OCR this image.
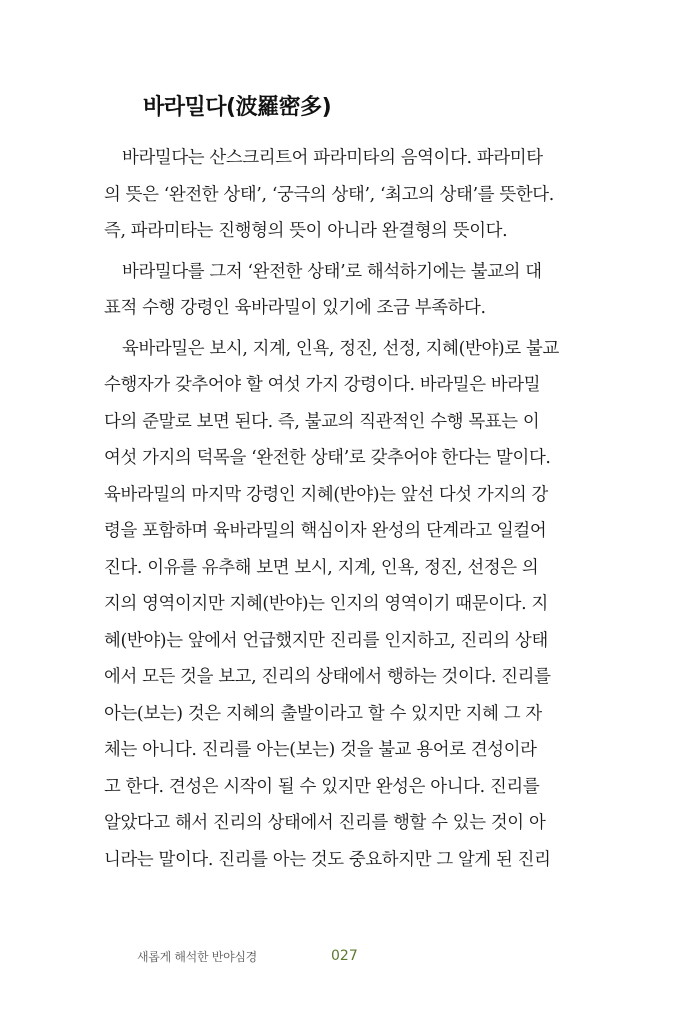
바라밀다(波羅密多)
바라밀다는 산스크리트어 파라미타의 음역이다. 파라미타
의 뜻은 ‘완전한 상태’, ‘궁극의 상태’, ‘최고의 상태’를 뜻한다.
즉, 파라미타는 진행형의 뜻이 아니라 완결형의 뜻이다.
바라밀다를 그저 ‘완전한 상태’로 해석하기에는 불교의 대
표적 수행 강령인 육바라밀이 있기에 조금 부족하다.
육바라밀은 보시, 지계, 인욕, 정진, 선정, 지혜(반야)로 불교
수행자가 갖추어야 할 여섯 가지 강령이다. 바라밀은 바라밀
다의 준말로 보면 된다. 즉, 불교의 직관적인 수행 목표는 이
여섯 가지의 덕목을 ‘완전한 상태’로 갖추어야 한다는 말이다.
육바라밀의 마지막 강령인 지혜(반야)는 앞선 다섯 가지의 강
령을 포함하며 육바라밀의 핵심이자 완성의 단계라고 일컬어
진다. 이유를 유추해 보면 보시, 지계, 인욕, 정진, 선정은 의
지의 영역이지만 지혜(반야)는 인지의 영역이기 때문이다. 지
혜(반야)는 앞에서 언급했지만 진리를 인지하고, 진리의 상태
에서 모든 것을 보고, 진리의 상태에서 행하는 것이다. 진리를
아는(보는) 것은 지혜의 출발이라고 할 수 있지만 지혜 그 자
체는 아니다. 진리를 아는(보는) 것을 불교 용어로 견성이라
고 한다. 견성은 시작이 될 수 있지만 완성은 아니다. 진리를
알았다고 해서 진리의 상태에서 진리를 행할 수 있는 것이 아
니라는 말이다. 진리를 아는 것도 중요하지만 그 알게 된 진리
새롭게 해석한 반야심경	027
